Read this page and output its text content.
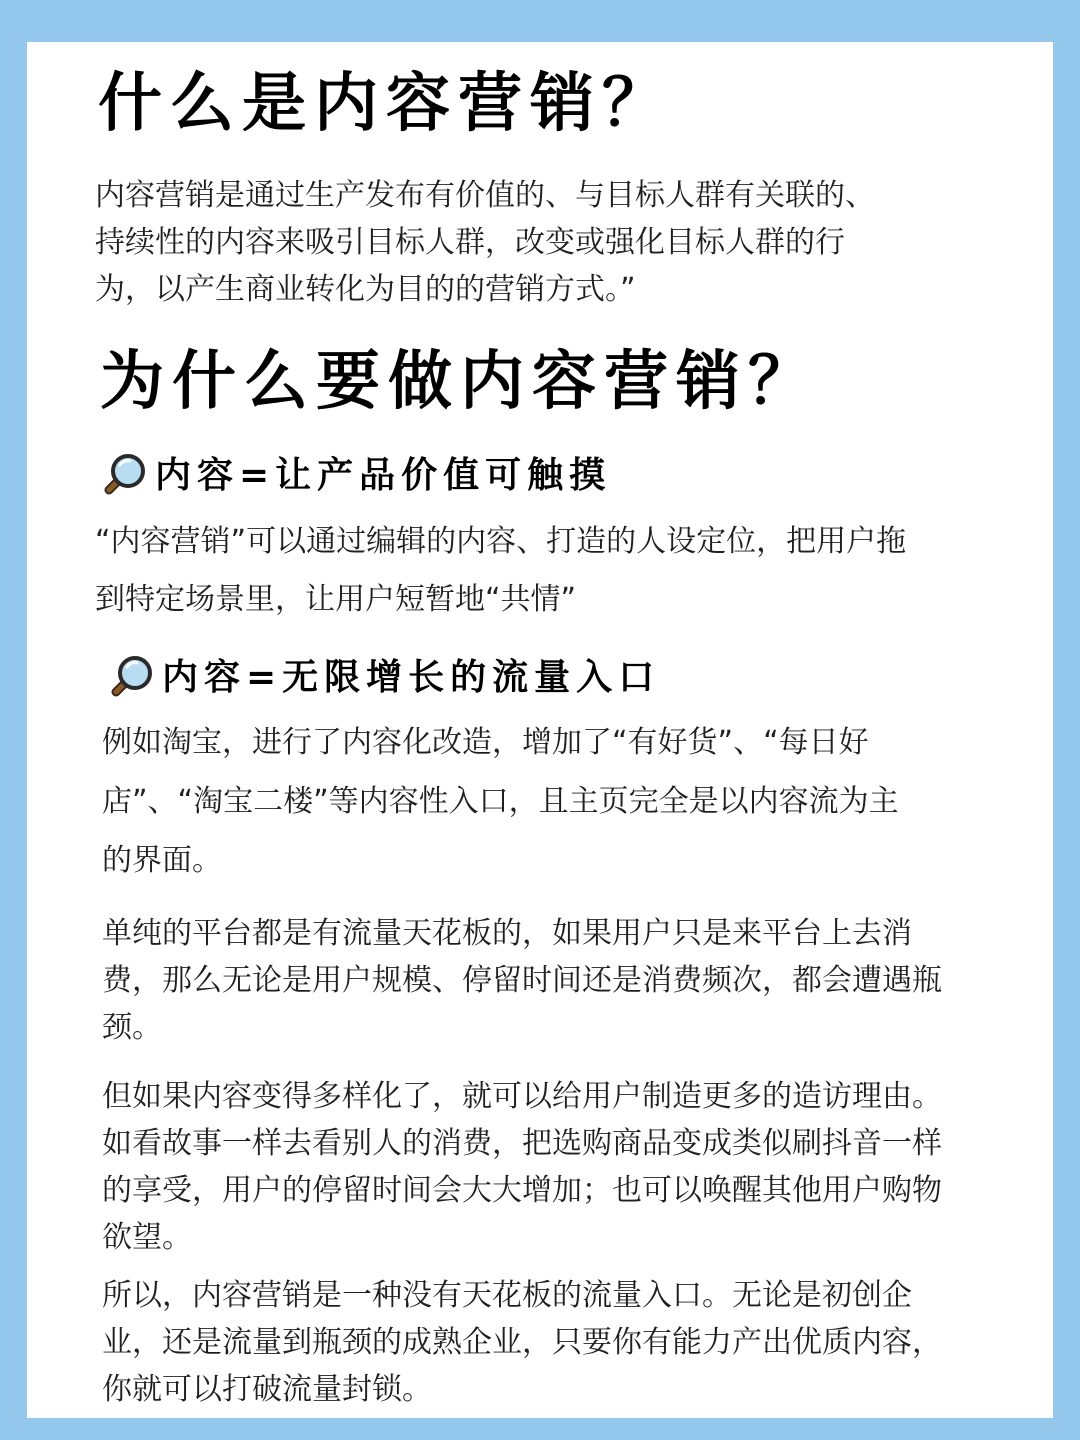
什么是内容营销？

内容营销是通过生产发布有价值的、与目标人群有关联的、
持续性的内容来吸引目标人群，改变或强化目标人群的行
为，以产生商业转化为目的的营销方式。”

为什么要做内容营销？
内容=让产品价值可触摸

“内容营销”可以通过编辑的内容、打造的人设定位，把用户拖
到特定场景里，让用户短暂地“共情”

内容=无限增长的流量入口

例如淘宝，进行了内容化改造，增加了“有好货”、“每日好
店”、“淘宝二楼”等内容性入口，且主页完全是以内容流为主
的界面。

单纯的平台都是有流量天花板的，如果用户只是来平台上去消
费，那么无论是用户规模、停留时间还是消费频次，都会遭遇瓶
颈。

但如果内容变得多样化了，就可以给用户制造更多的造访理由。
如看故事一样去看别人的消费，把选购商品变成类似刷抖音一样
的享受，用户的停留时间会大大增加；也可以唤醒其他用户购物
欲望。

所以，内容营销是一种没有天花板的流量入口。无论是初创企
业，还是流量到瓶颈的成熟企业，只要你有能力产出优质内容，
你就可以打破流量封锁。
